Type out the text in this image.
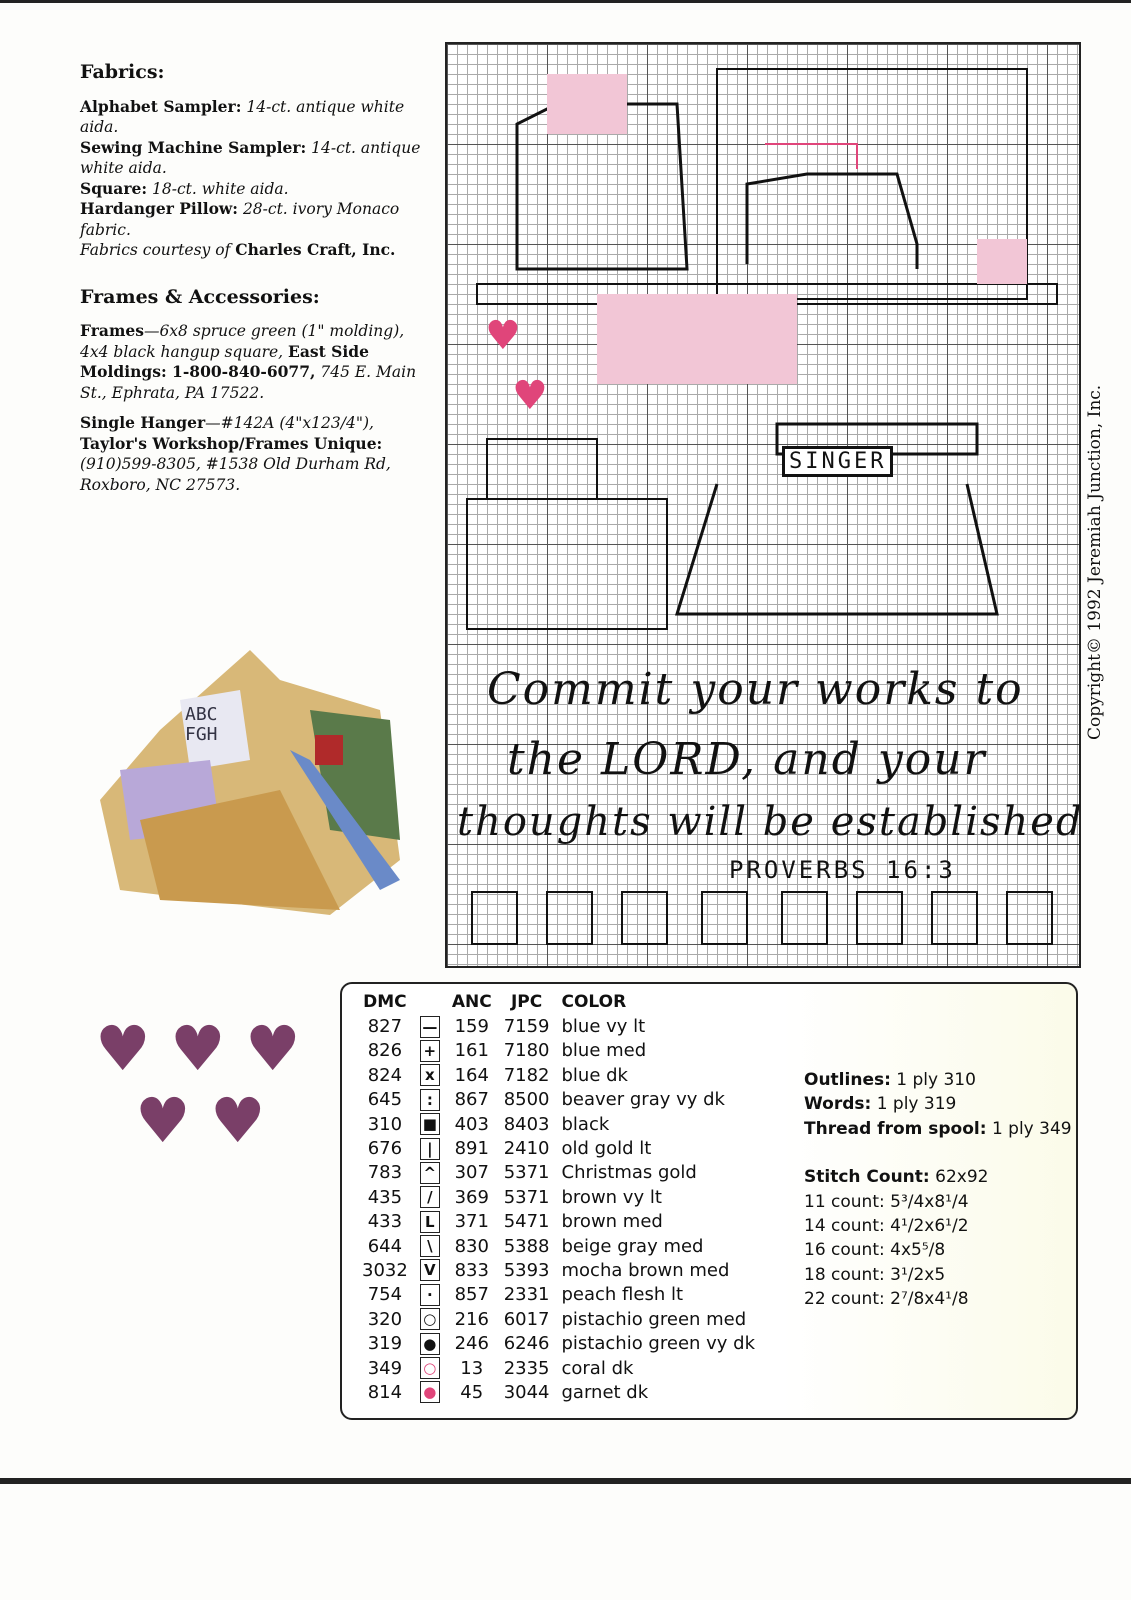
Fabrics:

Alphabet Sampler: 14-ct. antique white aida.

Sewing Machine Sampler: 14-ct. antique white aida.

Square: 18-ct. white aida.

Hardanger Pillow: 28-ct. ivory Monaco fabric.

Fabrics courtesy of Charles Craft, Inc.

Frames & Accessories:

Frames—6x8 spruce green (1" molding), 4x4 black hangup square, East Side Moldings: 1-800-840-6077, 745 E. Main St., Ephrata, PA 17522.

Single Hanger—#142A (4"x123/4"), Taylor's Workshop/Frames Unique: (910)599-8305, #1538 Old Durham Rd, Roxboro, NC 27573.

ABC
FGH
♥ ♥ ♥
♥ ♥
♥
♥
SINGER
Commit your works to
the LORD, and your
thoughts will be established
PROVERBS 16:3
Copyright© 1992 Jeremiah Junction, Inc.
DMC		ANC	JPC	COLOR
827	—	159	7159	blue vy lt
826	+	161	7180	blue med
824	x	164	7182	blue dk
645	:	867	8500	beaver gray vy dk
310	■	403	8403	black
676	|	891	2410	old gold lt
783	^	307	5371	Christmas gold
435	/	369	5371	brown vy lt
433	L	371	5471	brown med
644	\	830	5388	beige gray med
3032	V	833	5393	mocha brown med
754	·	857	2331	peach flesh lt
320	○	216	6017	pistachio green med
319	●	246	6246	pistachio green vy dk
349	○	13	2335	coral dk
814	●	45	3044	garnet dk
Outlines: 1 ply 310
Words: 1 ply 319
Thread from spool: 1 ply 349
Stitch Count: 62x92
11 count: 5³/4x8¹/4
14 count: 4¹/2x6¹/2
16 count: 4x5⁵/8
18 count: 3¹/2x5
22 count: 2⁷/8x4¹/8
